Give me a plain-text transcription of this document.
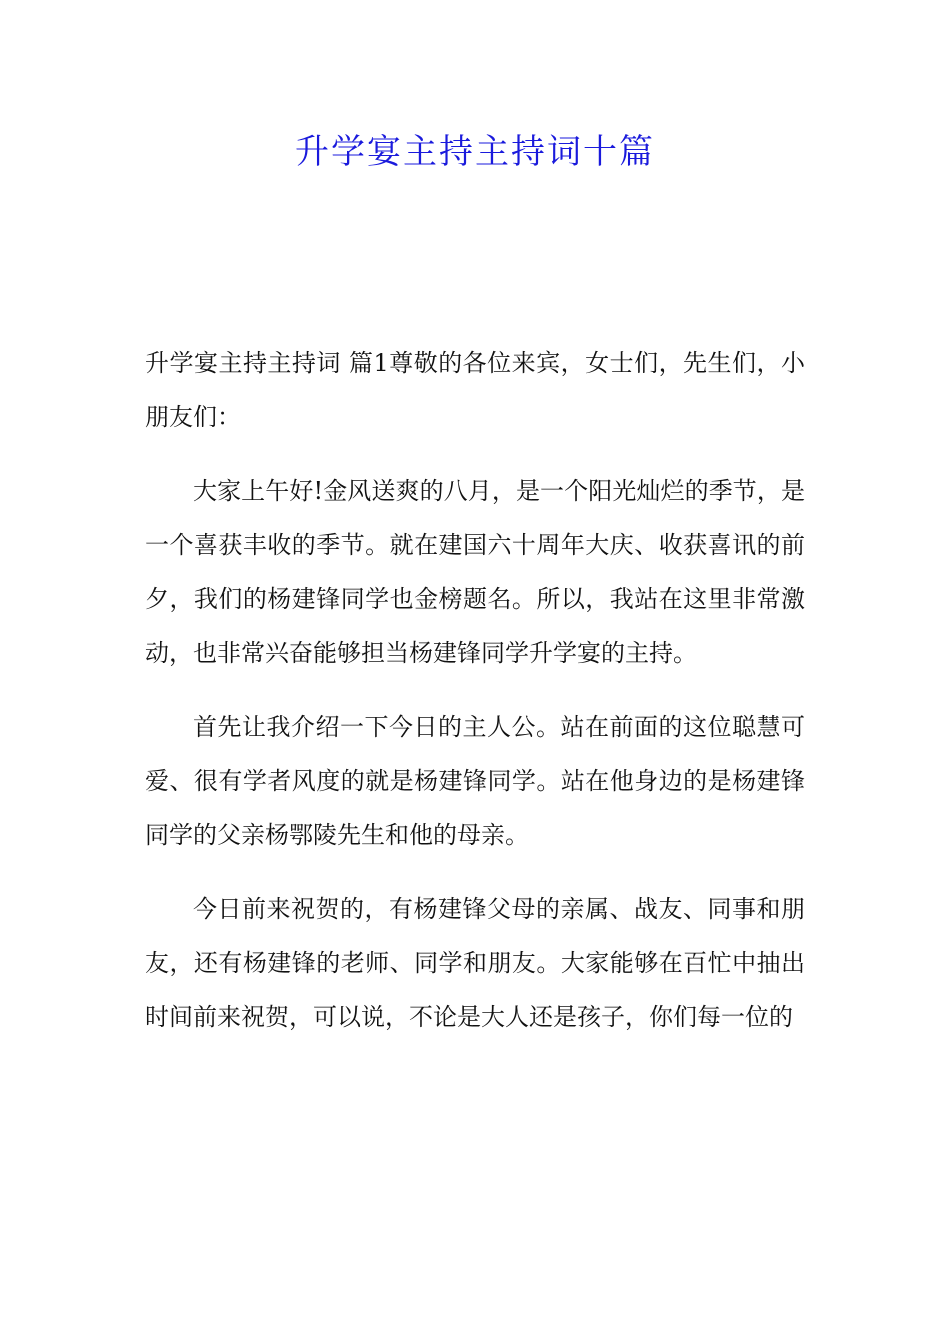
升学宴主持主持词十篇

升学宴主持主持词 篇1尊敬的各位来宾，女士们，先生们，小朋友们：

大家上午好!金风送爽的八月，是一个阳光灿烂的季节，是一个喜获丰收的季节。就在建国六十周年大庆、收获喜讯的前夕，我们的杨建锋同学也金榜题名。所以，我站在这里非常激动，也非常兴奋能够担当杨建锋同学升学宴的主持。

首先让我介绍一下今日的主人公。站在前面的这位聪慧可爱、很有学者风度的就是杨建锋同学。站在他身边的是杨建锋同学的父亲杨鄂陵先生和他的母亲。

今日前来祝贺的，有杨建锋父母的亲属、战友、同事和朋友，还有杨建锋的老师、同学和朋友。大家能够在百忙中抽出时间前来祝贺，可以说，不论是大人还是孩子，你们每一位的
